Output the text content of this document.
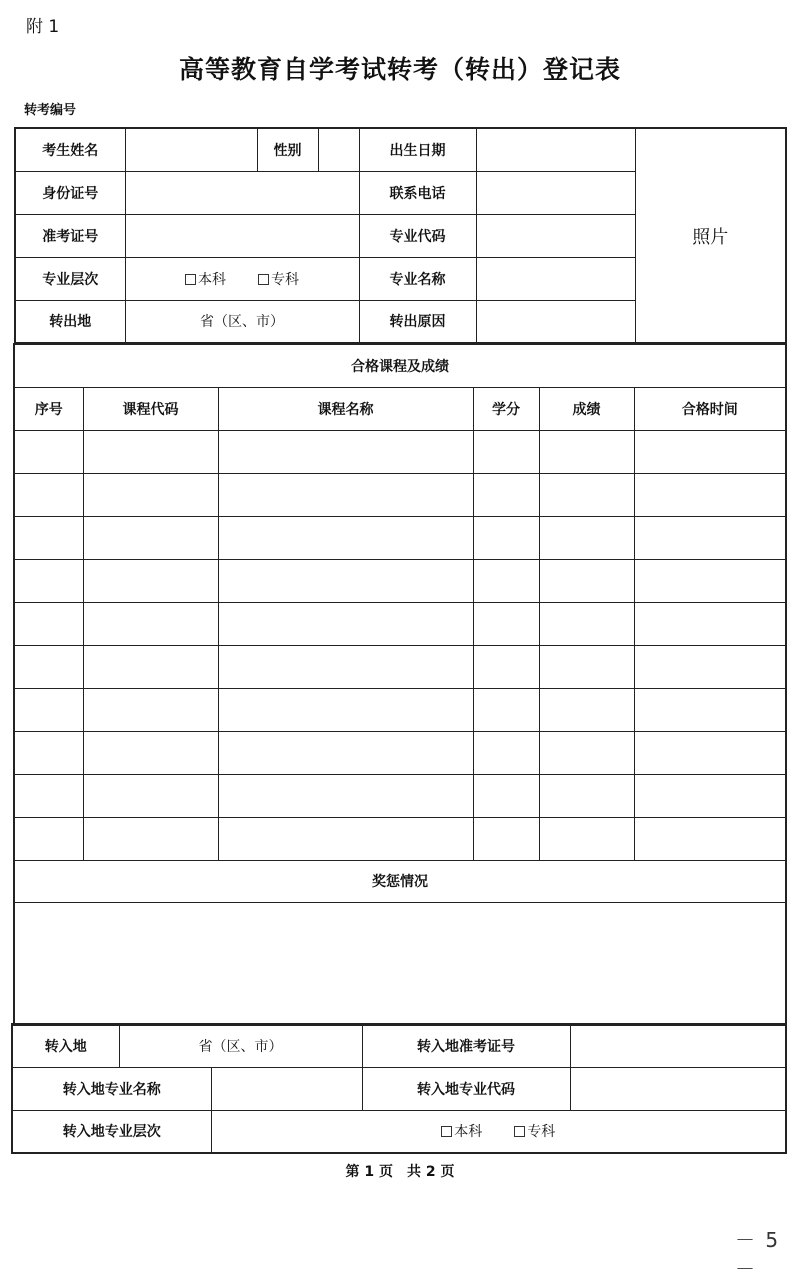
附 1
高等教育自学考试转考（转出）登记表
转考编号
考生姓名		性别		出生日期		照片
身份证号				联系电话		
准考证号				专业代码		
专业层次	本科 专科			专业名称		
转出地	省（区、市）			转出原因		
合格课程及成绩					
序号	课程代码	课程名称	学分	成绩	合格时间

奖惩情况					

转入地	省（区、市）		转入地准考证号	
转入地专业名称			转入地专业代码	
转入地专业层次		本科 专科		
第 1 页　共 2 页
－ 5 －
